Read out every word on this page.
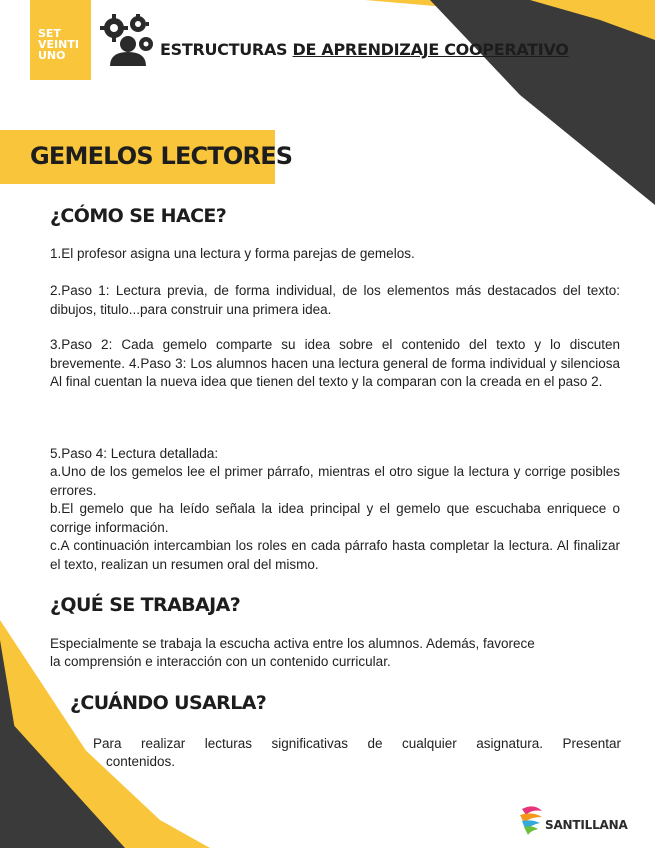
SET
VEINTI
UNO	ESTRUCTURAS DE APRENDIZAJE COOPERATIVO
GEMELOS LECTORES
¿CÓMO SE HACE?

1.El profesor asigna una lectura y forma parejas de gemelos.

2.Paso 1: Lectura previa, de forma individual, de los elementos más destacados del texto: dibujos, titulo...para construir una primera idea.

3.Paso 2: Cada gemelo comparte su idea sobre el contenido del texto y lo discuten brevemente. 4.Paso 3: Los alumnos hacen una lectura general de forma individual y silenciosa Al final cuentan la nueva idea que tienen del texto y la comparan con la creada en el paso 2.

5.Paso 4: Lectura detallada:

a.Uno de los gemelos lee el primer párrafo, mientras el otro sigue la lectura y corrige posibles errores.

b.El gemelo que ha leído señala la idea principal y el gemelo que escuchaba enriquece o corrige información.

c.A continuación intercambian los roles en cada párrafo hasta completar la lectura. Al finalizar el texto, realizan un resumen oral del mismo.

¿QUÉ SE TRABAJA?

Especialmente se trabaja la escucha activa entre los alumnos. Además, favorece

la comprensión e interacción con un contenido curricular.

¿CUÁNDO USARLA?

Para realizar lecturas significativas de cualquier asignatura. Presentar

contenidos.

SANTILLANA
